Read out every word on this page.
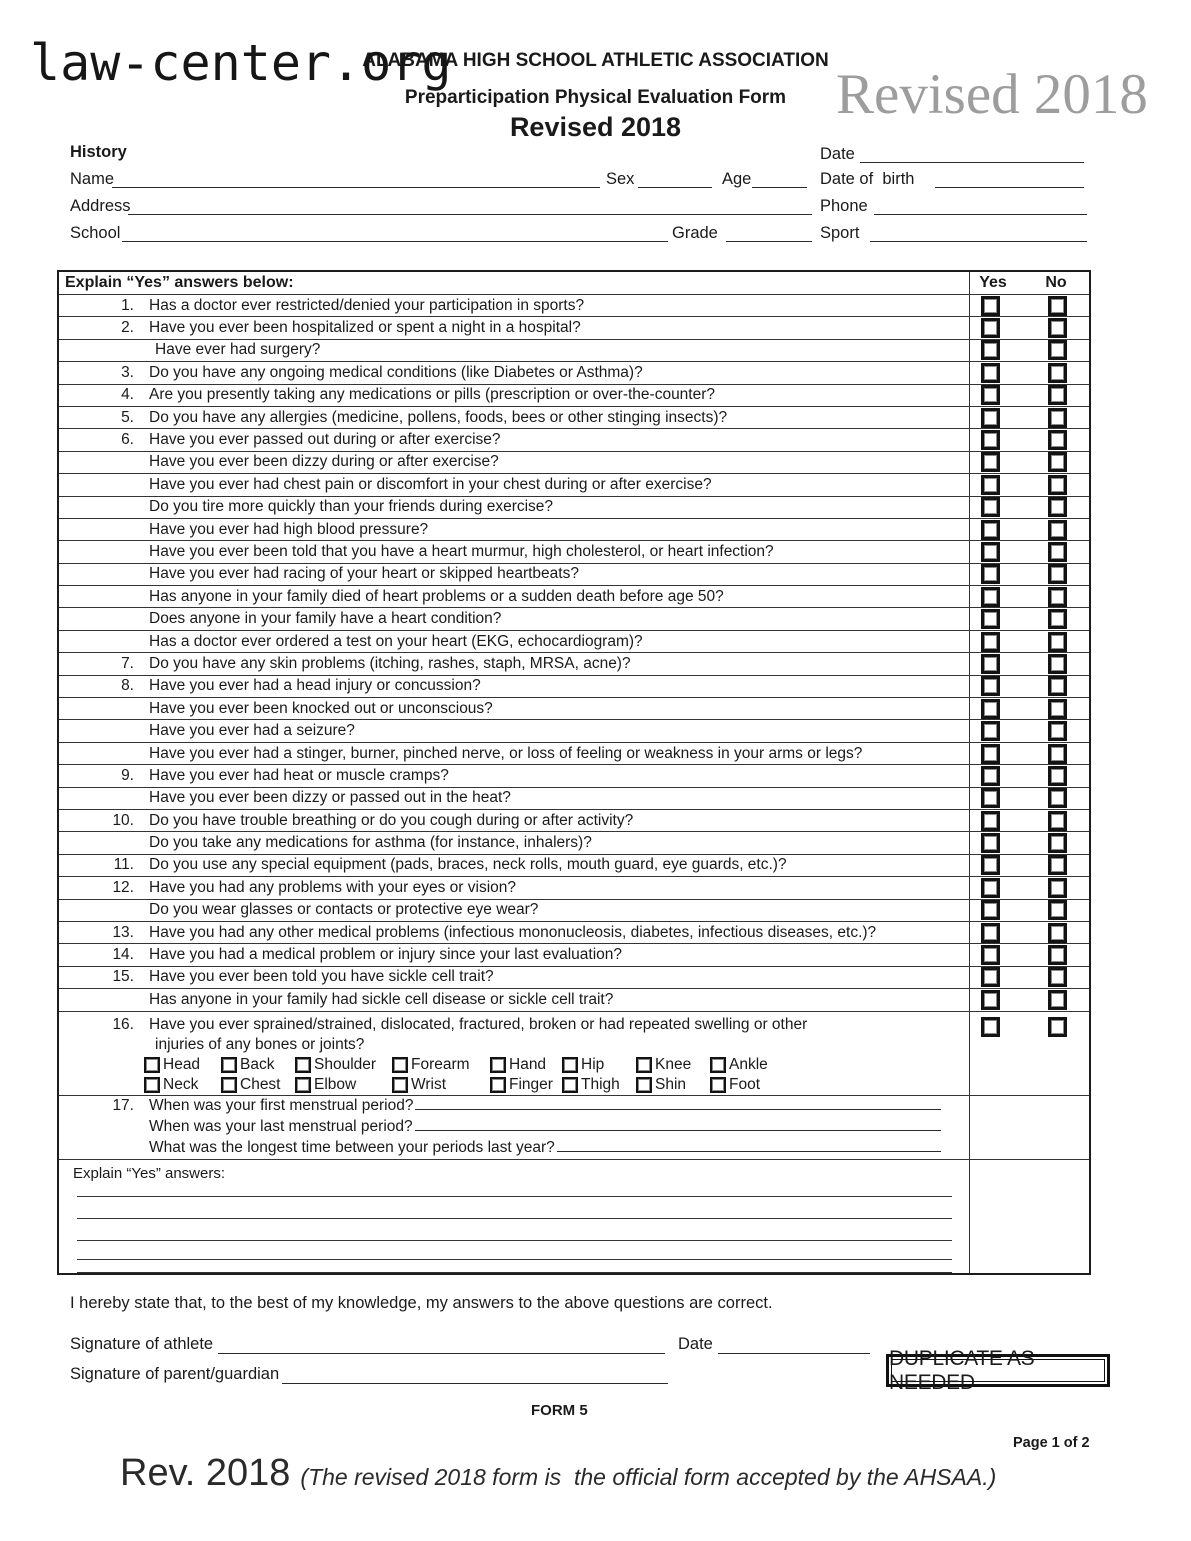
law-center.org	Revised 2018
ALABAMA HIGH SCHOOL ATHLETIC ASSOCIATION
Preparticipation Physical Evaluation Form
Revised 2018
History	Date
Name	Sex	Age	Date of  birth
Address	Phone
School	Grade	Sport
Explain “Yes” answers below:	Yes	No
1. Has a doctor ever restricted/denied your participation in sports?
2. Have you ever been hospitalized or spent a night in a hospital?
Have ever had surgery?
3. Do you have any ongoing medical conditions (like Diabetes or Asthma)?
4. Are you presently taking any medications or pills (prescription or over-the-counter?
5. Do you have any allergies (medicine, pollens, foods, bees or other stinging insects)?
6. Have you ever passed out during or after exercise?
Have you ever been dizzy during or after exercise?
Have you ever had chest pain or discomfort in your chest during or after exercise?
Do you tire more quickly than your friends during exercise?
Have you ever had high blood pressure?
Have you ever been told that you have a heart murmur, high cholesterol, or heart infection?
Have you ever had racing of your heart or skipped heartbeats?
Has anyone in your family died of heart problems or a sudden death before age 50?
Does anyone in your family have a heart condition?
Has a doctor ever ordered a test on your heart (EKG, echocardiogram)?
7. Do you have any skin problems (itching, rashes, staph, MRSA, acne)?
8. Have you ever had a head injury or concussion?
Have you ever been knocked out or unconscious?
Have you ever had a seizure?
Have you ever had a stinger, burner, pinched nerve, or loss of feeling or weakness in your arms or legs?
9. Have you ever had heat or muscle cramps?
Have you ever been dizzy or passed out in the heat?
10. Do you have trouble breathing or do you cough during or after activity?
Do you take any medications for asthma (for instance, inhalers)?
11. Do you use any special equipment (pads, braces, neck rolls, mouth guard, eye guards, etc.)?
12. Have you had any problems with your eyes or vision?
Do you wear glasses or contacts or protective eye wear?
13. Have you had any other medical problems (infectious mononucleosis, diabetes, infectious diseases, etc.)?
14. Have you had a medical problem or injury since your last evaluation?
15. Have you ever been told you have sickle cell trait?
Has anyone in your family had sickle cell disease or sickle cell trait?
16. Have you ever sprained/strained, dislocated, fractured, broken or had repeated swelling or other
injuries of any bones or joints?
Head	Back	Shoulder Forearm	Hand Hip	Knee Ankle
Neck	Chest Elbow	Wrist	Finger Thigh Shin	Foot
17. When was your first menstrual period?
When was your last menstrual period?
What was the longest time between your periods last year?
Explain “Yes” answers:
I hereby state that, to the best of my knowledge, my answers to the above questions are correct.
Signature of athlete	Date
Signature of parent/guardian
DUPLICATE AS NEEDED
FORM 5
Page 1 of 2
Rev. 2018 (The revised 2018 form is  the official form accepted by the AHSAA.)
